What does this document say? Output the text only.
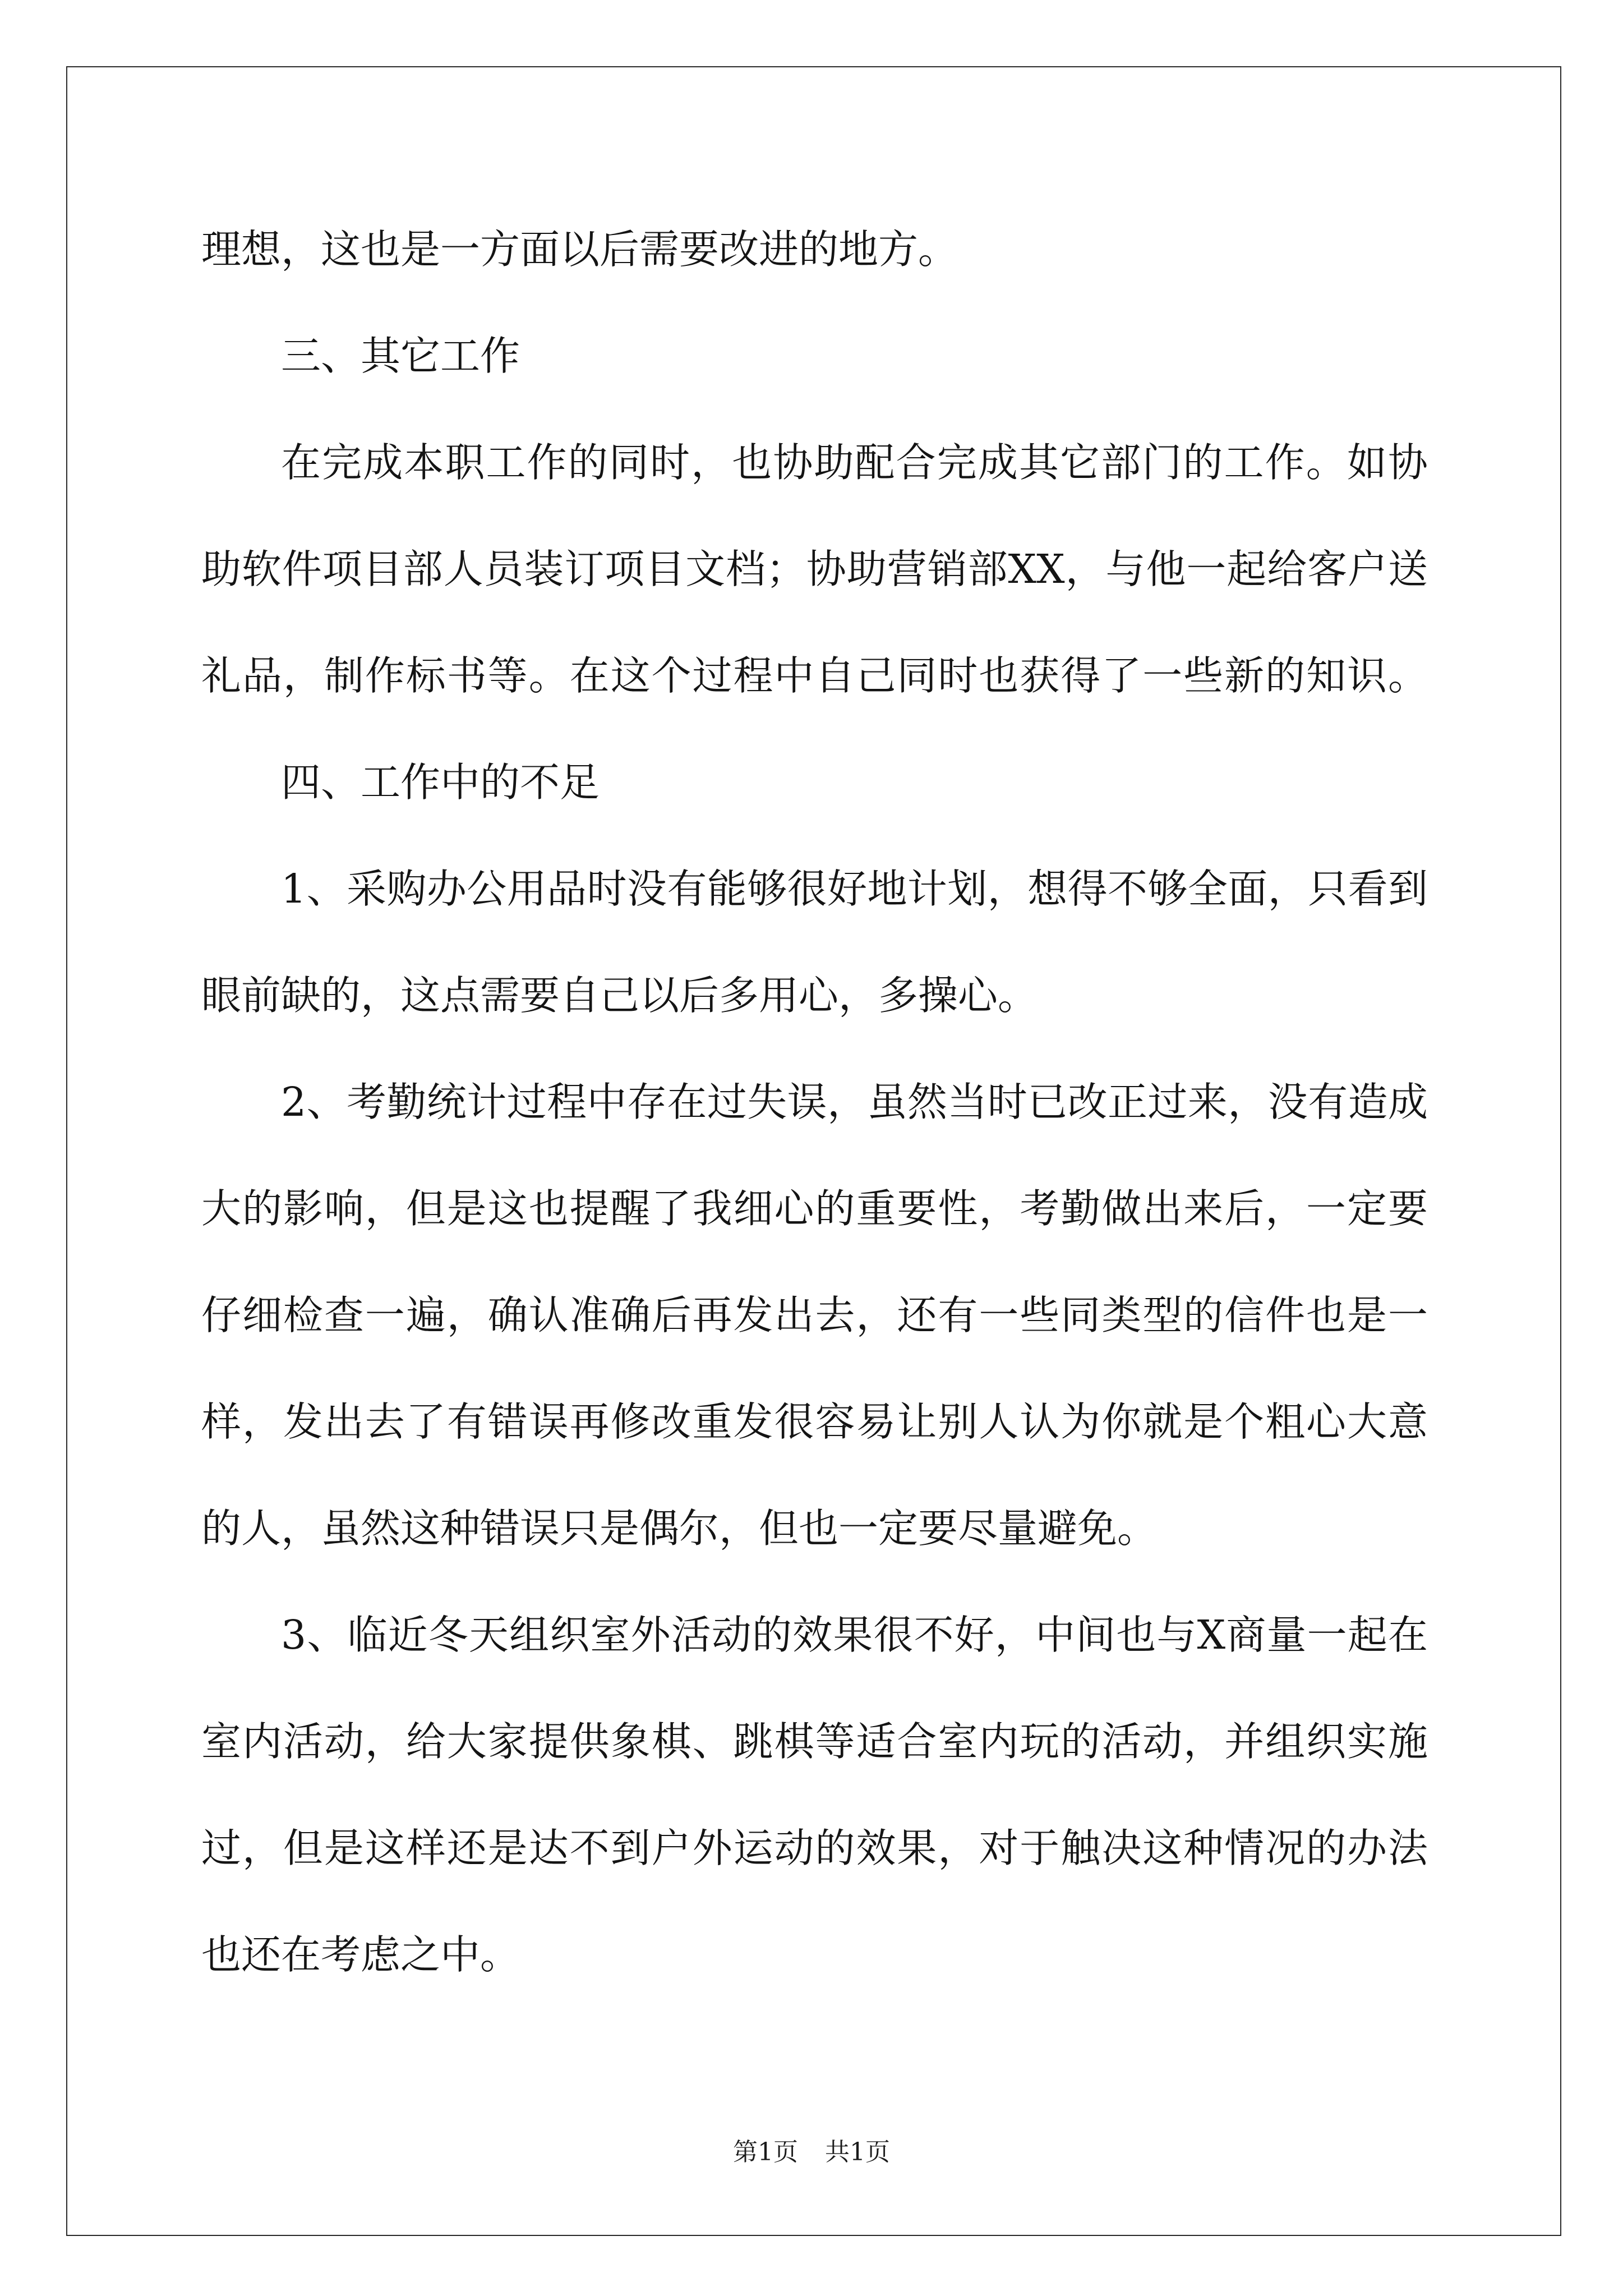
理想，这也是一方面以后需要改进的地方。
三、其它工作
在完成本职工作的同时，也协助配合完成其它部门的工作。如协
助软件项目部人员装订项目文档；协助营销部XX，与他一起给客户送
礼品，制作标书等。在这个过程中自己同时也获得了一些新的知识。
四、工作中的不足
1、采购办公用品时没有能够很好地计划，想得不够全面，只看到
眼前缺的，这点需要自己以后多用心，多操心。
2、考勤统计过程中存在过失误，虽然当时已改正过来，没有造成
大的影响，但是这也提醒了我细心的重要性，考勤做出来后，一定要
仔细检查一遍，确认准确后再发出去，还有一些同类型的信件也是一
样，发出去了有错误再修改重发很容易让别人认为你就是个粗心大意
的人，虽然这种错误只是偶尔，但也一定要尽量避免。
3、临近冬天组织室外活动的效果很不好，中间也与X商量一起在
室内活动，给大家提供象棋、跳棋等适合室内玩的活动，并组织实施
过，但是这样还是达不到户外运动的效果，对于触决这种情况的办法
也还在考虑之中。
第1页 共1页
